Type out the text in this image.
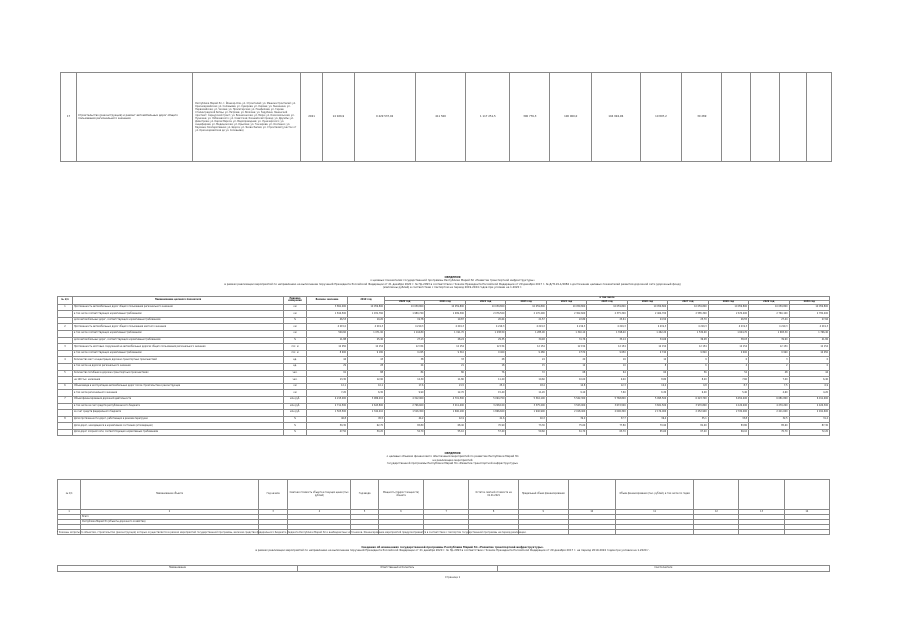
17	Строительство (реконструкция) и ремонт автомобильных дорог общего пользования регионального значения	Республика Марий Эл, г. Йошкар-Ола, ул. Строителей; ул. Машиностроителей; ул. Красноармейская; ул. Соловьёва; ул. Суворова; ул. Кирова; ул. Эшкинина; ул. Первомайская; ул. Чехова; ул. Пролетарская; ул. Панфилова; ул. Героев Сталинградской битвы; ул. Петрова; ул. Волкова; ул. Зарубина; Ленинский проспект; Сернурский тракт; ул. Вознесенская; ул. Мира; ул. Комсомольская; ул. Пушкина; ул. Лобачевского; ул. Советская; Кокшайский проезд; ул. Дружбы; ул. Димитрова; ул. Карла Маркса; ул. Водопроводная; ул. Луначарского; ул. Анциферова; ул. Медицинская; ул. Крылова; ул. Гончарова; ул. Осипенко; ул. Баумана; Кооперативная; ул. Щорса; ул. Якова Эшпая; ул. Строителей (участок от ул. Красноармейская до ул. Соловьёва)	2021	14 026,9	9 429 537,02	411 500	1 117 251,5	300 776,3	100 000,0	104 994,96	10 897,2	30 289				
СВЕДЕНИЯ
о целевых показателях государственной программы Республики Марий Эл «Развитие транспортной инфраструктуры»
в рамках реализации мероприятий по направлению на выполнение поручений Президента Российской Федерации от 21 декабря 2020 г. № Пр-2093 в соответствии с Указом Президента Российской Федерации от 29 декабря 2017 г. № Д/7119-1/4984 о достижении целевых показателей развития дорожной сети (дорожный фонд)
(миллионы рублей) в соответствии с паспортом на период 2019-2024 годов при условии на 1.2020 г.
№ п/п	Наименование целевого показателя	Единица измерения	Базовое значение	2019 год	в том числе										
					2020 год	2021 год	2022 год	2023 год	2024 год	2025 год	2026 год	2027 год	2028 год	2029 год	2030 год
1	Протяженность автомобильных дорог общего пользования регионального значения	км	3 891,000	10 059,800	10 059,800	10 059,800	10 059,800	10 059,800	10 059,800	10 059,800	10 059,800	10 059,800	10 059,800	10 059,800	10 059,800
	в том числе соответствующих нормативным требованиям	км	1 810,500	1 931,760	1 989,740	1 999,300	2 076,500	2 170,290	2 302,600	2 375,300	2 464,700	2 585,300	2 670,400	2 760,100	2 782,400
	доля автомобильных дорог, соответствующих нормативным требованиям	%	46,53	19,20	19,78	19,87	20,64	21,57	22,89	23,61	24,50	25,70	26,55	27,44	27,66
2	Протяженность автомобильных дорог общего пользования местного значения	км	4 215,0	4 219,3	4 219,3	4 219,3	4 219,3	4 219,3	4 219,3	4 219,3	4 219,3	4 219,3	4 219,3	4 219,3	4 219,3
	в том числе соответствующих нормативным требованиям	км	500,60	1 071,90	1 144,80	1 191,70	1 238,50	1 285,90	1 340,10	1 398,40	1 462,20	1 530,90	1 604,70	1 683,30	1 766,40
	доля автомобильных дорог, соответствующих нормативным требованиям	%	11,88	25,40	27,13	28,24	29,35	30,48	31,76	33,14	34,66	36,28	38,03	39,90	41,86
3	Протяженность мостовых сооружений на автомобильных дорогах общего пользования регионального значения	пог. м	12 050	12 154	12 154	12 154	12 154	12 154	12 154	12 154	12 154	12 154	12 154	12 154	12 154
	в том числе соответствующих нормативным требованиям	пог. м	8 900	9 180	9 245	9 310	9 400	9 480	9 570	9 650	9 740	9 820	9 900	9 990	10 050
4	Количество мест концентрации дорожно-транспортных происшествий	ед.	44	43	38	33	28	24	20	16	12	9	6	3	0
	в том числе на дорогах регионального значения	ед.	29	28	24	21	18	15	12	10	8	6	4	2	0
5	Количество погибших в дорожно-транспортных происшествиях	чел.	91	88	84	80	76	72	68	64	60	56	52	48	44
	на 100 тыс. населения	чел.	13,30	12,90	12,30	11,80	11,20	10,60	10,00	9,40	8,80	8,20	7,60	7,00	6,40
6	Объем ввода в эксплуатацию автомобильных дорог после строительства и реконструкции	км	12,1	10,1	17,6	21,5	25,0	18,4	14,8	12,3	10,0	9,8	8,7	7,5	6,9
	в том числе регионального значения	км	7,20	6,30	9,90	12,70	15,40	11,20	9,10	7,60	6,30	6,00	5,40	4,60	4,20
7	Объем финансирования дорожной деятельности	млн руб.	4 215,000	3 986,210	4 312,900	4 701,500	5 094,700	5 316,100	5 542,300	5 768,800	5 995,500	6 223,700	6 452,400	6 681,800	6 911,900
	в том числе за счет средств республиканского бюджета	млн руб.	2 711,500	2 643,800	2 796,600	3 011,400	3 228,100	3 375,200	3 523,900	3 672,500	3 821,500	3 970,800	4 120,400	4 270,200	4 420,300
	за счет средств федерального бюджета	млн руб.	1 503,500	1 342,410	1 516,300	1 690,100	1 866,600	1 940,900	2 018,400	2 096,300	2 174,000	2 252,900	2 332,000	2 411,600	2 491,600
8	Доля протяженности дорог, работающих в режиме перегрузки	%	46,8	45,5	44,2	42,9	41,6	40,3	39,0	37,7	36,4	35,1	33,8	32,5	31,2
	Доля дорог, находящихся в нормативном состоянии (агломерация)	%	59,30	62,70	65,80	68,40	70,90	73,30	75,60	77,80	79,90	81,90	83,80	85,60	87,30
	Доля дорог опорной сети, соответствующих нормативным требованиям	%	47,50	50,20	52,70	55,10	57,40	59,60	61,70	63,70	65,60	67,40	69,10	70,70	72,20
СВЕДЕНИЯ
о целевых объемах финансового обеспечения мероприятий по развитию Республики Марий Эл
на реализацию мероприятий
государственной программы Республики Марий Эл «Развитие транспортной инфраструктуры»
№ п/п	Наименование объекта	Год начала	Сметная стоимость объекта в текущих ценах (тыс. рублей)	Год ввода	Мощность (прирост мощности) объекта		Остаток сметной стоимости на 01.01.2021	Предельный объем финансирования		Объем финансирования (тыс. рублей), в том числе по годам			
1	2	3	4	5	6	7	8	9	10	11	12	13	14
	Всего												
	Республика Марий Эл (объекты дорожного хозяйства)												

* Указаны затраты по объектам, строительство (реконструкция) которых осуществляется в рамках мероприятий государственной программы, включая средства федерального бюджета, бюджета Республики Марий Эл и внебюджетных источников. Финансирование мероприятий предусматривается в соответствии с паспортом государственной программы на период реализации.
Сведения об изменениях государственной программы Республики Марий Эл «Развитие транспортной инфраструктуры»
в рамках реализации мероприятий по направлению на выполнение поручений Президента Российской Федерации от 21 декабря 2020 г. № Пр-2093 в соответствии с Указом Президента Российской Федерации от 29 декабря 2017 г. на период 2019-2024 годов при условии на 1.2020 г.
Наименование	Ответственный исполнитель	Соисполнители
Страница 1
